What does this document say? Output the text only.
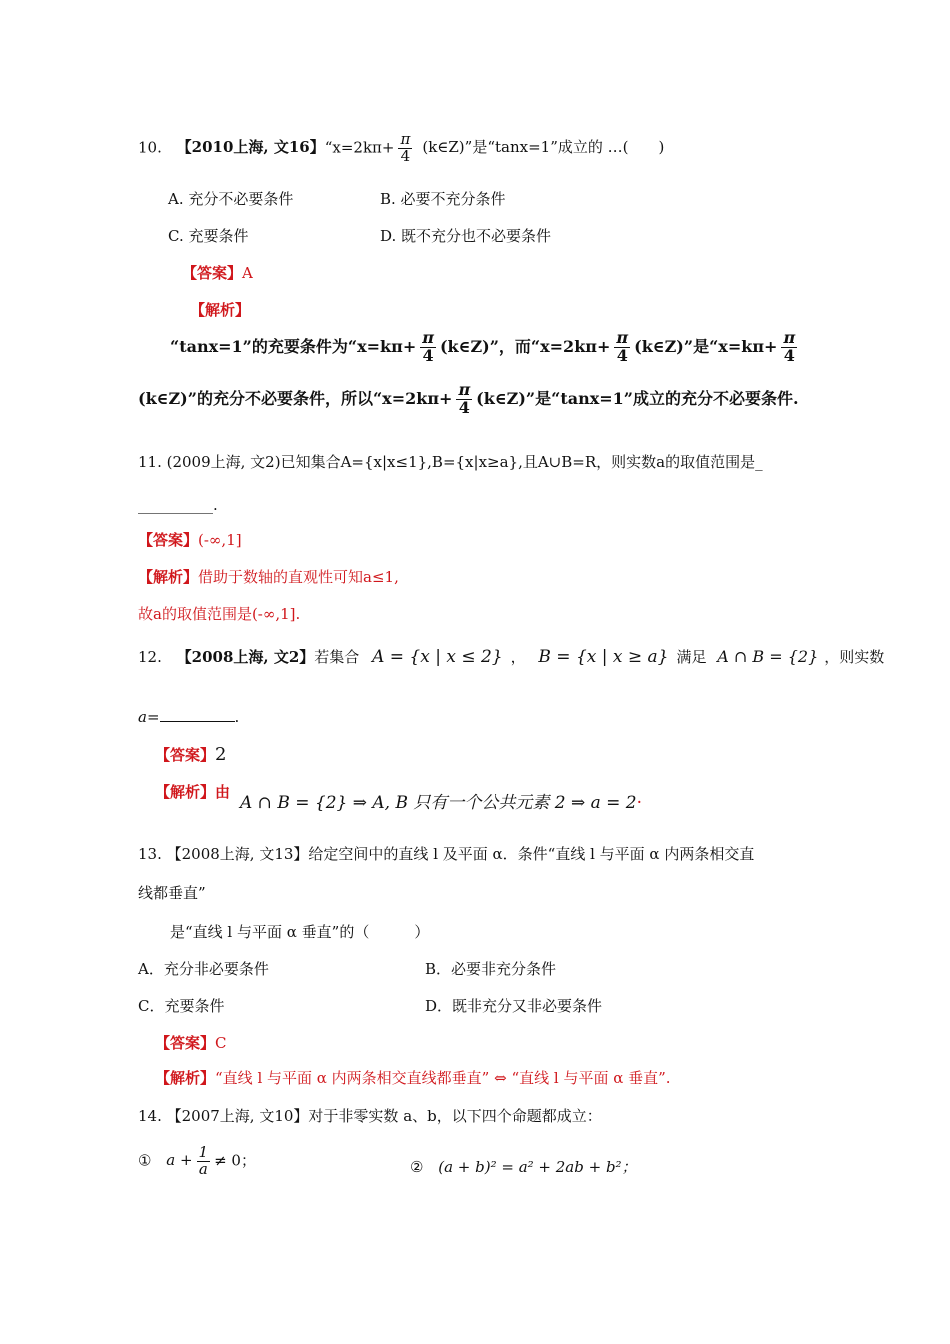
10. 【2010上海, 文16】“$x=2k\pi+ \frac{\pi}{4}$ (k∈Z)”是“tanx=1”成立的 …(　　)
A. 充分不必要条件	B. 必要不充分条件
C. 充要条件	D. 既不充分也不必要条件
【答案】A
【解析】
“tanx=1”的充要条件为“$x=k\pi+ \frac{\pi}{4}$ (k∈Z)”，而“$x=2k\pi+ \frac{\pi}{4}$ (k∈Z)”是“$x=k\pi+ \frac{\pi}{4}$
(k∈Z)”的充分不必要条件，所以“$x=2k\pi+ \frac{\pi}{4}$ (k∈Z)”是“tanx=1”成立的充分不必要条件.
11. (2009上海, 文2)已知集合A={x|x≤1},B={x|x≥a},且A∪B=R，则实数a的取值范围是_
__________.
【答案】(-∞,1]
【解析】借助于数轴的直观性可知a≤1,
故a的取值范围是(-∞,1].
12. 【2008上海, 文2】若集合 A = {x | x ≤ 2} ， B = {x | x ≥ a} 满足 A ∩ B = {2} ，则实数
a=	.
【答案】2
【解析】由
A ∩ B = {2} ⇒ A, B 只有一个公共元素 2 ⇒ a = 2·
13. 【2008上海, 文13】给定空间中的直线 l 及平面 α．条件“直线 l 与平面 α 内两条相交直
线都垂直”
是“直线 l 与平面 α 垂直”的（　　　）
A．充分非必要条件	B．必要非充分条件
C．充要条件	D．既非充分又非必要条件
【答案】C
【解析】“直线 l 与平面 α 内两条相交直线都垂直” ⇔ “直线 l 与平面 α 垂直”.
14. 【2007上海, 文10】对于非零实数 a、b，以下四个命题都成立：
① $a + \frac{1}{a} \ne 0$；	② (a + b)² = a² + 2ab + b²；
